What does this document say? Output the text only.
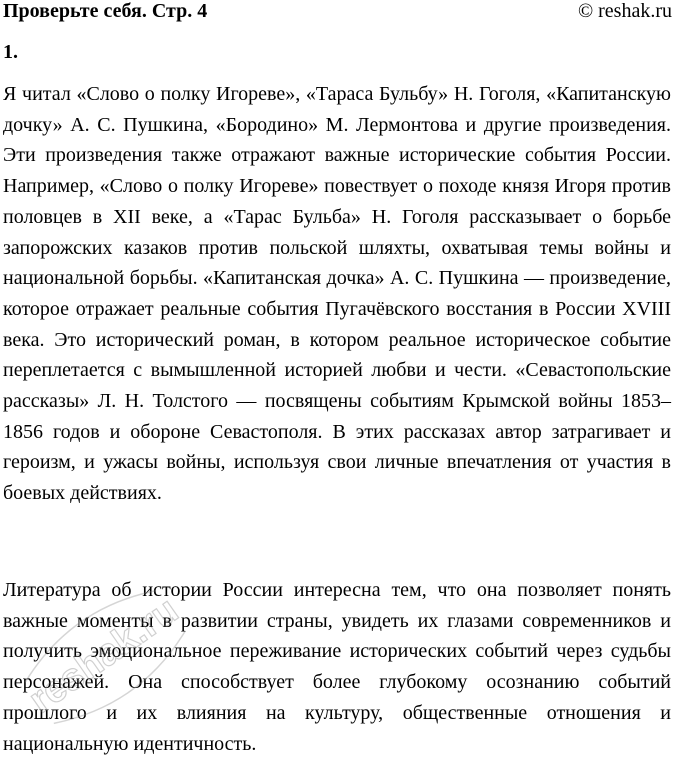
Проверьте себя. Стр. 4	© reshak.ru
1.

Я читал «Слово о полку Игореве», «Тараса Бульбу» Н. Гоголя, «Капитанскую дочку» А. С. Пушкина, «Бородино» М. Лермонтова и другие произведения. Эти произведения также отражают важные исторические события России. Например, «Слово о полку Игореве» повествует о походе князя Игоря против половцев в XII веке, а «Тарас Бульба» Н. Гоголя рассказывает о борьбе запорожских казаков против польской шляхты, охватывая темы войны и национальной борьбы. «Капитанская дочка» А. С. Пушкина — произведение, которое отражает реальные события Пугачёвского восстания в России XVIII века. Это исторический роман, в котором реальное историческое событие переплетается с вымышленной историей любви и чести. «Севастопольские рассказы» Л. Н. Толстого — посвящены событиям Крымской войны 1853–1856 годов и обороне Севастополя. В этих рассказах автор затрагивает и героизм, и ужасы войны, используя свои личные впечатления от участия в боевых действиях.

Литература об истории России интересна тем, что она позволяет понять важные моменты в развитии страны, увидеть их глазами современников и получить эмоциональное переживание исторических событий через судьбы персонажей. Она способствует более глубокому осознанию событий прошлого и их влияния на культуру, общественные отношения и национальную идентичность.

reshak.ru
